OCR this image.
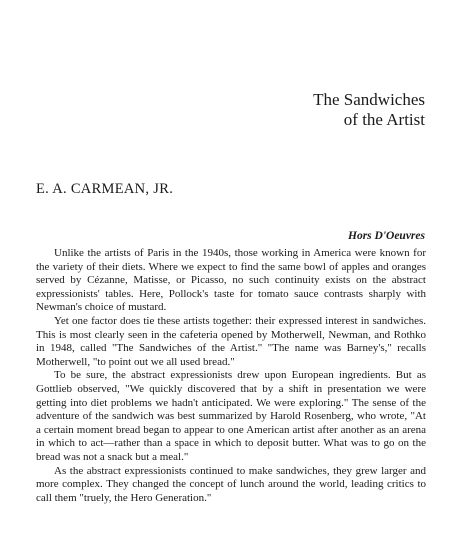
The Sandwiches
of the Artist
E. A. CARMEAN, JR.
Hors D'Oeuvres

Unlike the artists of Paris in the 1940s, those working in America were known for the variety of their diets. Where we expect to find the same bowl of apples and oranges served by Cézanne, Matisse, or Picasso, no such continuity exists on the abstract expressionists' tables. Here, Pollock's taste for tomato sauce contrasts sharply with Newman's choice of mustard.

Yet one factor does tie these artists together: their expressed interest in sandwiches. This is most clearly seen in the cafeteria opened by Motherwell, Newman, and Rothko in 1948, called "The Sandwiches of the Artist." "The name was Barney's," recalls Motherwell, "to point out we all used bread."

To be sure, the abstract expressionists drew upon European ingredients. But as Gottlieb observed, "We quickly discovered that by a shift in presentation we were getting into diet problems we hadn't anticipated. We were exploring." The sense of the adventure of the sandwich was best summarized by Harold Rosenberg, who wrote, "At a certain moment bread began to appear to one American artist after another as an arena in which to act—rather than a space in which to deposit butter. What was to go on the bread was not a snack but a meal."

As the abstract expressionists continued to make sandwiches, they grew larger and more complex. They changed the concept of lunch around the world, leading critics to call them "truely, the Hero Generation."
